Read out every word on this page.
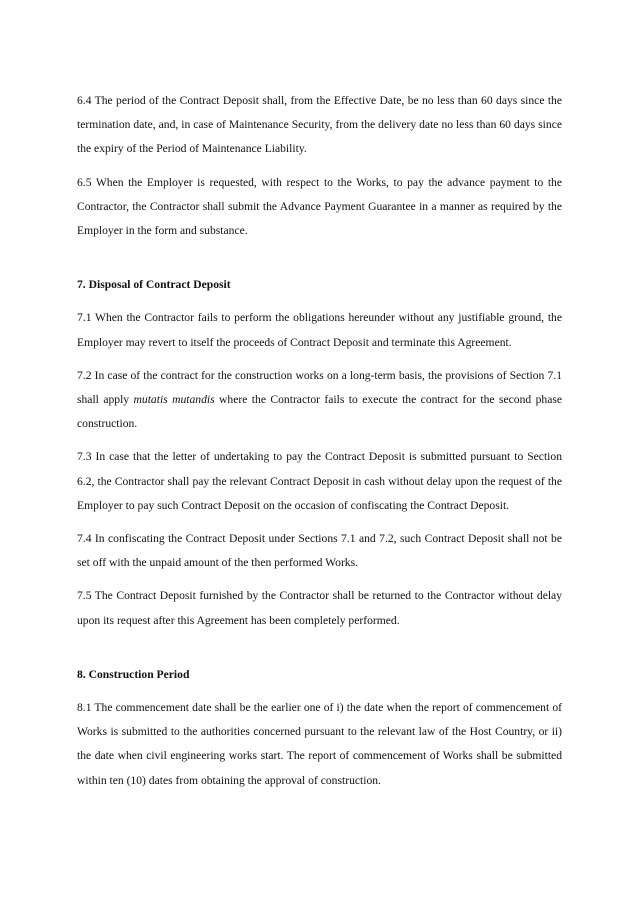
6.4 The period of the Contract Deposit shall, from the Effective Date, be no less than 60 days since the termination date, and, in case of Maintenance Security, from the delivery date no less than 60 days since the expiry of the Period of Maintenance Liability.

6.5 When the Employer is requested, with respect to the Works, to pay the advance payment to the Contractor, the Contractor shall submit the Advance Payment Guarantee in a manner as required by the Employer in the form and substance.

7. Disposal of Contract Deposit

7.1 When the Contractor fails to perform the obligations hereunder without any justifiable ground, the Employer may revert to itself the proceeds of Contract Deposit and terminate this Agreement.

7.2 In case of the contract for the construction works on a long-term basis, the provisions of Section 7.1 shall apply mutatis mutandis where the Contractor fails to execute the contract for the second phase construction.

7.3 In case that the letter of undertaking to pay the Contract Deposit is submitted pursuant to Section 6.2, the Contractor shall pay the relevant Contract Deposit in cash without delay upon the request of the Employer to pay such Contract Deposit on the occasion of confiscating the Contract Deposit.

7.4 In confiscating the Contract Deposit under Sections 7.1 and 7.2, such Contract Deposit shall not be set off with the unpaid amount of the then performed Works.

7.5 The Contract Deposit furnished by the Contractor shall be returned to the Contractor without delay upon its request after this Agreement has been completely performed.

8. Construction Period

8.1 The commencement date shall be the earlier one of i) the date when the report of commencement of Works is submitted to the authorities concerned pursuant to the relevant law of the Host Country, or ii) the date when civil engineering works start. The report of commencement of Works shall be submitted within ten (10) dates from obtaining the approval of construction.
